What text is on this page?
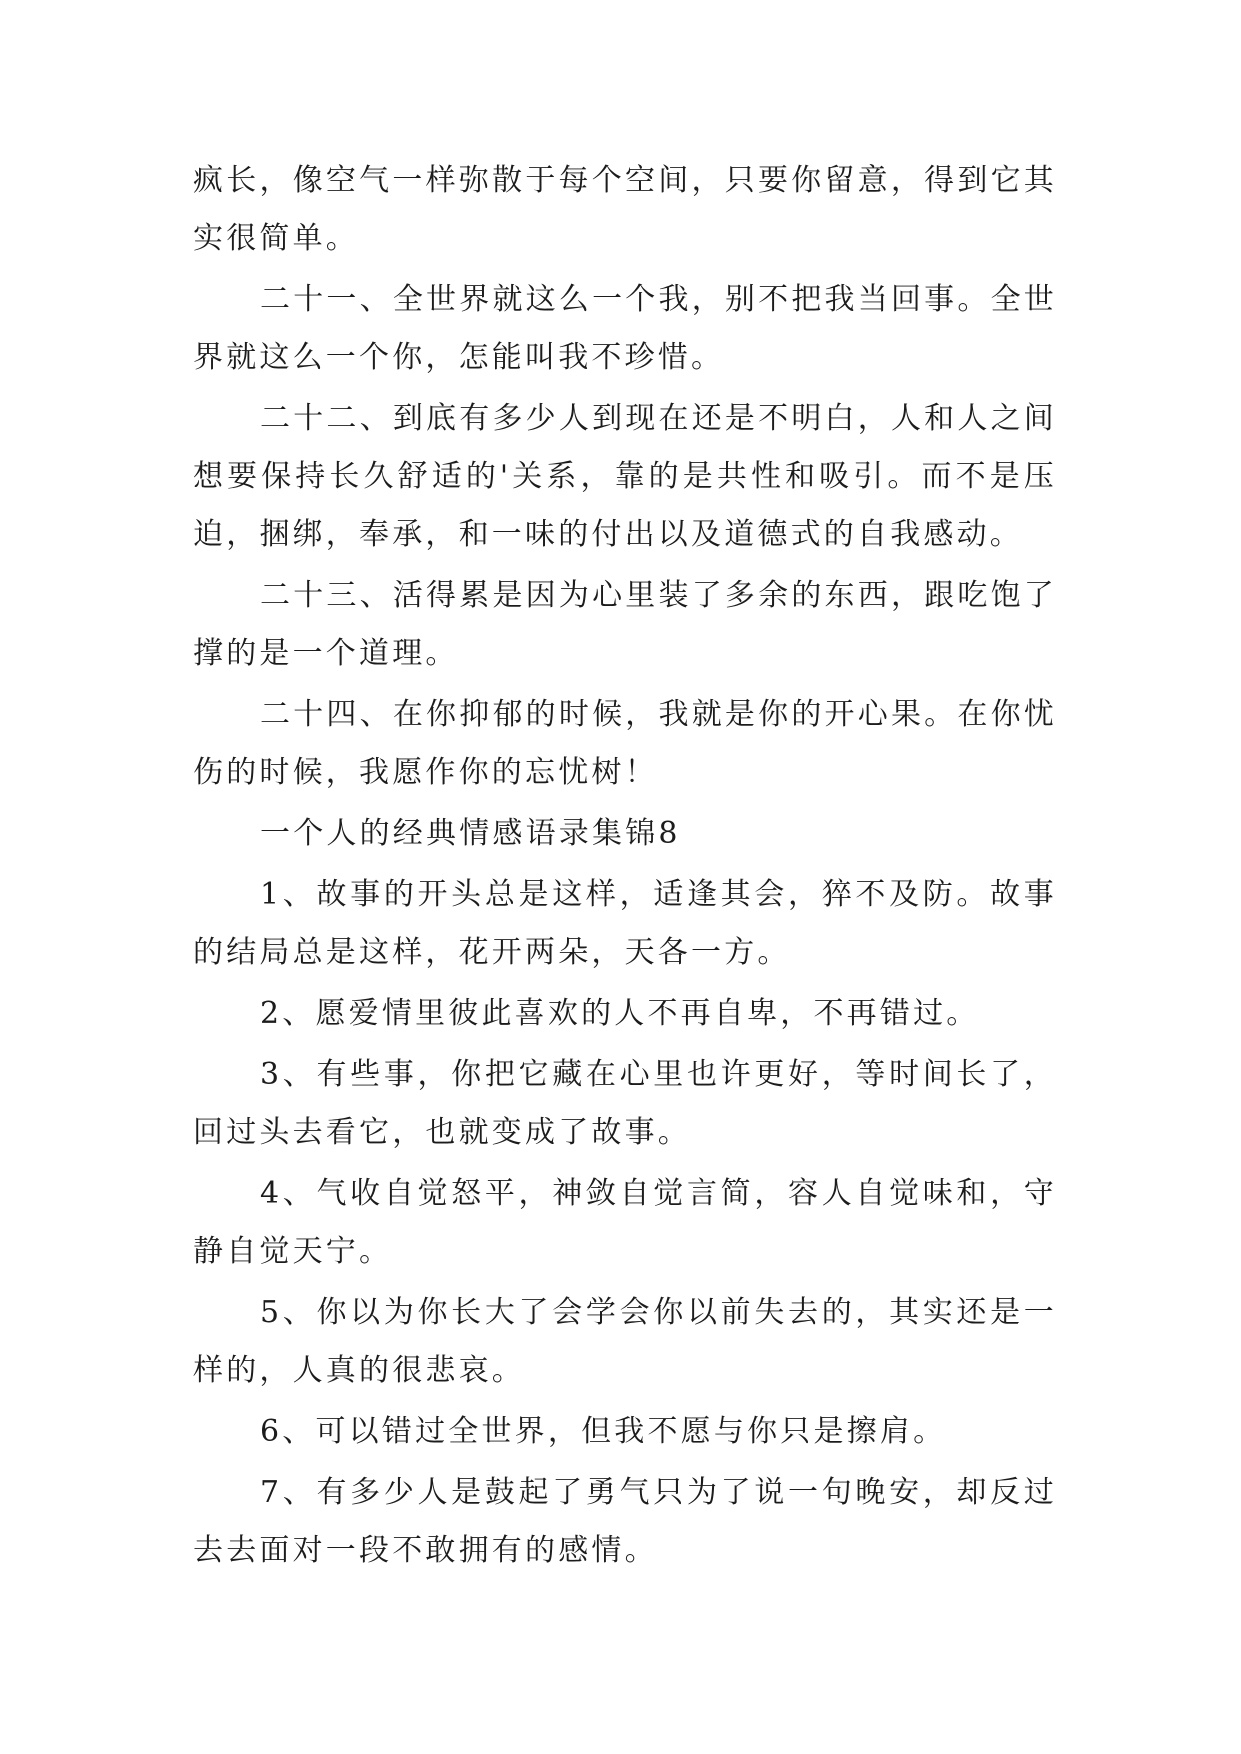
疯长，像空气一样弥散于每个空间，只要你留意，得到它其实很简单。

二十一、全世界就这么一个我，别不把我当回事。全世界就这么一个你，怎能叫我不珍惜。

二十二、到底有多少人到现在还是不明白，人和人之间想要保持长久舒适的'关系，靠的是共性和吸引。而不是压迫，捆绑，奉承，和一味的付出以及道德式的自我感动。

二十三、活得累是因为心里装了多余的东西，跟吃饱了撑的是一个道理。

二十四、在你抑郁的时候，我就是你的开心果。在你忧伤的时候，我愿作你的忘忧树！

一个人的经典情感语录集锦8

1、故事的开头总是这样，适逢其会，猝不及防。故事的结局总是这样，花开两朵，天各一方。

2、愿爱情里彼此喜欢的人不再自卑，不再错过。

3、有些事，你把它藏在心里也许更好，等时间长了，回过头去看它，也就变成了故事。

4、气收自觉怒平，神敛自觉言简，容人自觉味和，守静自觉天宁。

5、你以为你长大了会学会你以前失去的，其实还是一样的，人真的很悲哀。

6、可以错过全世界，但我不愿与你只是擦肩。

7、有多少人是鼓起了勇气只为了说一句晚安，却反过去去面对一段不敢拥有的感情。
